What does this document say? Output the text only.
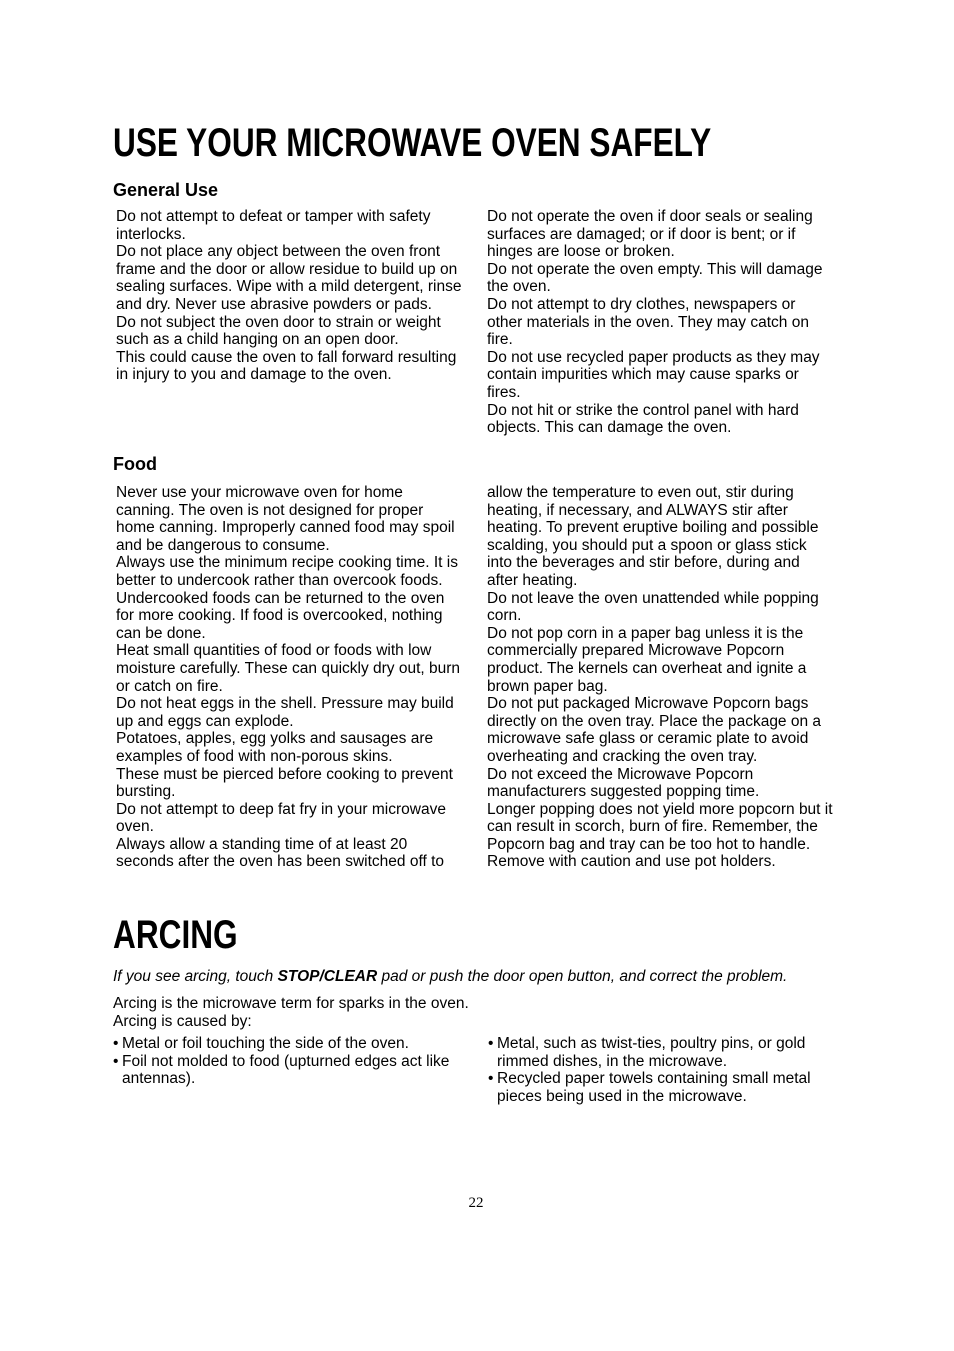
USE YOUR MICROWAVE OVEN SAFELY
General Use

Do not attempt to defeat or tamper with safety
interlocks.

Do not place any object between the oven front
frame and the door or allow residue to build up on
sealing surfaces. Wipe with a mild detergent, rinse
and dry. Never use abrasive powders or pads.

Do not subject the oven door to strain or weight
such as a child hanging on an open door.

This could cause the oven to fall forward resulting
in injury to you and damage to the oven.

Do not operate the oven if door seals or sealing
surfaces are damaged; or if door is bent; or if
hinges are loose or broken.

Do not operate the oven empty. This will damage
the oven.

Do not attempt to dry clothes, newspapers or
other materials in the oven. They may catch on
fire.

Do not use recycled paper products as they may
contain impurities which may cause sparks or
fires.

Do not hit or strike the control panel with hard
objects. This can damage the oven.

Food

Never use your microwave oven for home
canning. The oven is not designed for proper
home canning. Improperly canned food may spoil
and be dangerous to consume.

Always use the minimum recipe cooking time. It is
better to undercook rather than overcook foods.
Undercooked foods can be returned to the oven
for more cooking. If food is overcooked, nothing
can be done.

Heat small quantities of food or foods with low
moisture carefully. These can quickly dry out, burn
or catch on fire.

Do not heat eggs in the shell. Pressure may build
up and eggs can explode.

Potatoes, apples, egg yolks and sausages are
examples of food with non-porous skins.

These must be pierced before cooking to prevent
bursting.

Do not attempt to deep fat fry in your microwave
oven.

Always allow a standing time of at least 20
seconds after the oven has been switched off to

allow the temperature to even out, stir during
heating, if necessary, and ALWAYS stir after
heating. To prevent eruptive boiling and possible
scalding, you should put a spoon or glass stick
into the beverages and stir before, during and
after heating.

Do not leave the oven unattended while popping
corn.

Do not pop corn in a paper bag unless it is the
commercially prepared Microwave Popcorn
product. The kernels can overheat and ignite a
brown paper bag.

Do not put packaged Microwave Popcorn bags
directly on the oven tray. Place the package on a
microwave safe glass or ceramic plate to avoid
overheating and cracking the oven tray.

Do not exceed the Microwave Popcorn
manufacturers suggested popping time.

Longer popping does not yield more popcorn but it
can result in scorch, burn of fire. Remember, the
Popcorn bag and tray can be too hot to handle.
Remove with caution and use pot holders.

ARCING

If you see arcing, touch STOP/CLEAR pad or push the door open button, and correct the problem.

Arcing is the microwave term for sparks in the oven.

Arcing is caused by:

• Metal or foil touching the side of the oven.
• Foil not molded to food (upturned edges act like
antennas).
• Metal, such as twist-ties, poultry pins, or gold
rimmed dishes, in the microwave.
• Recycled paper towels containing small metal
pieces being used in the microwave.
22
